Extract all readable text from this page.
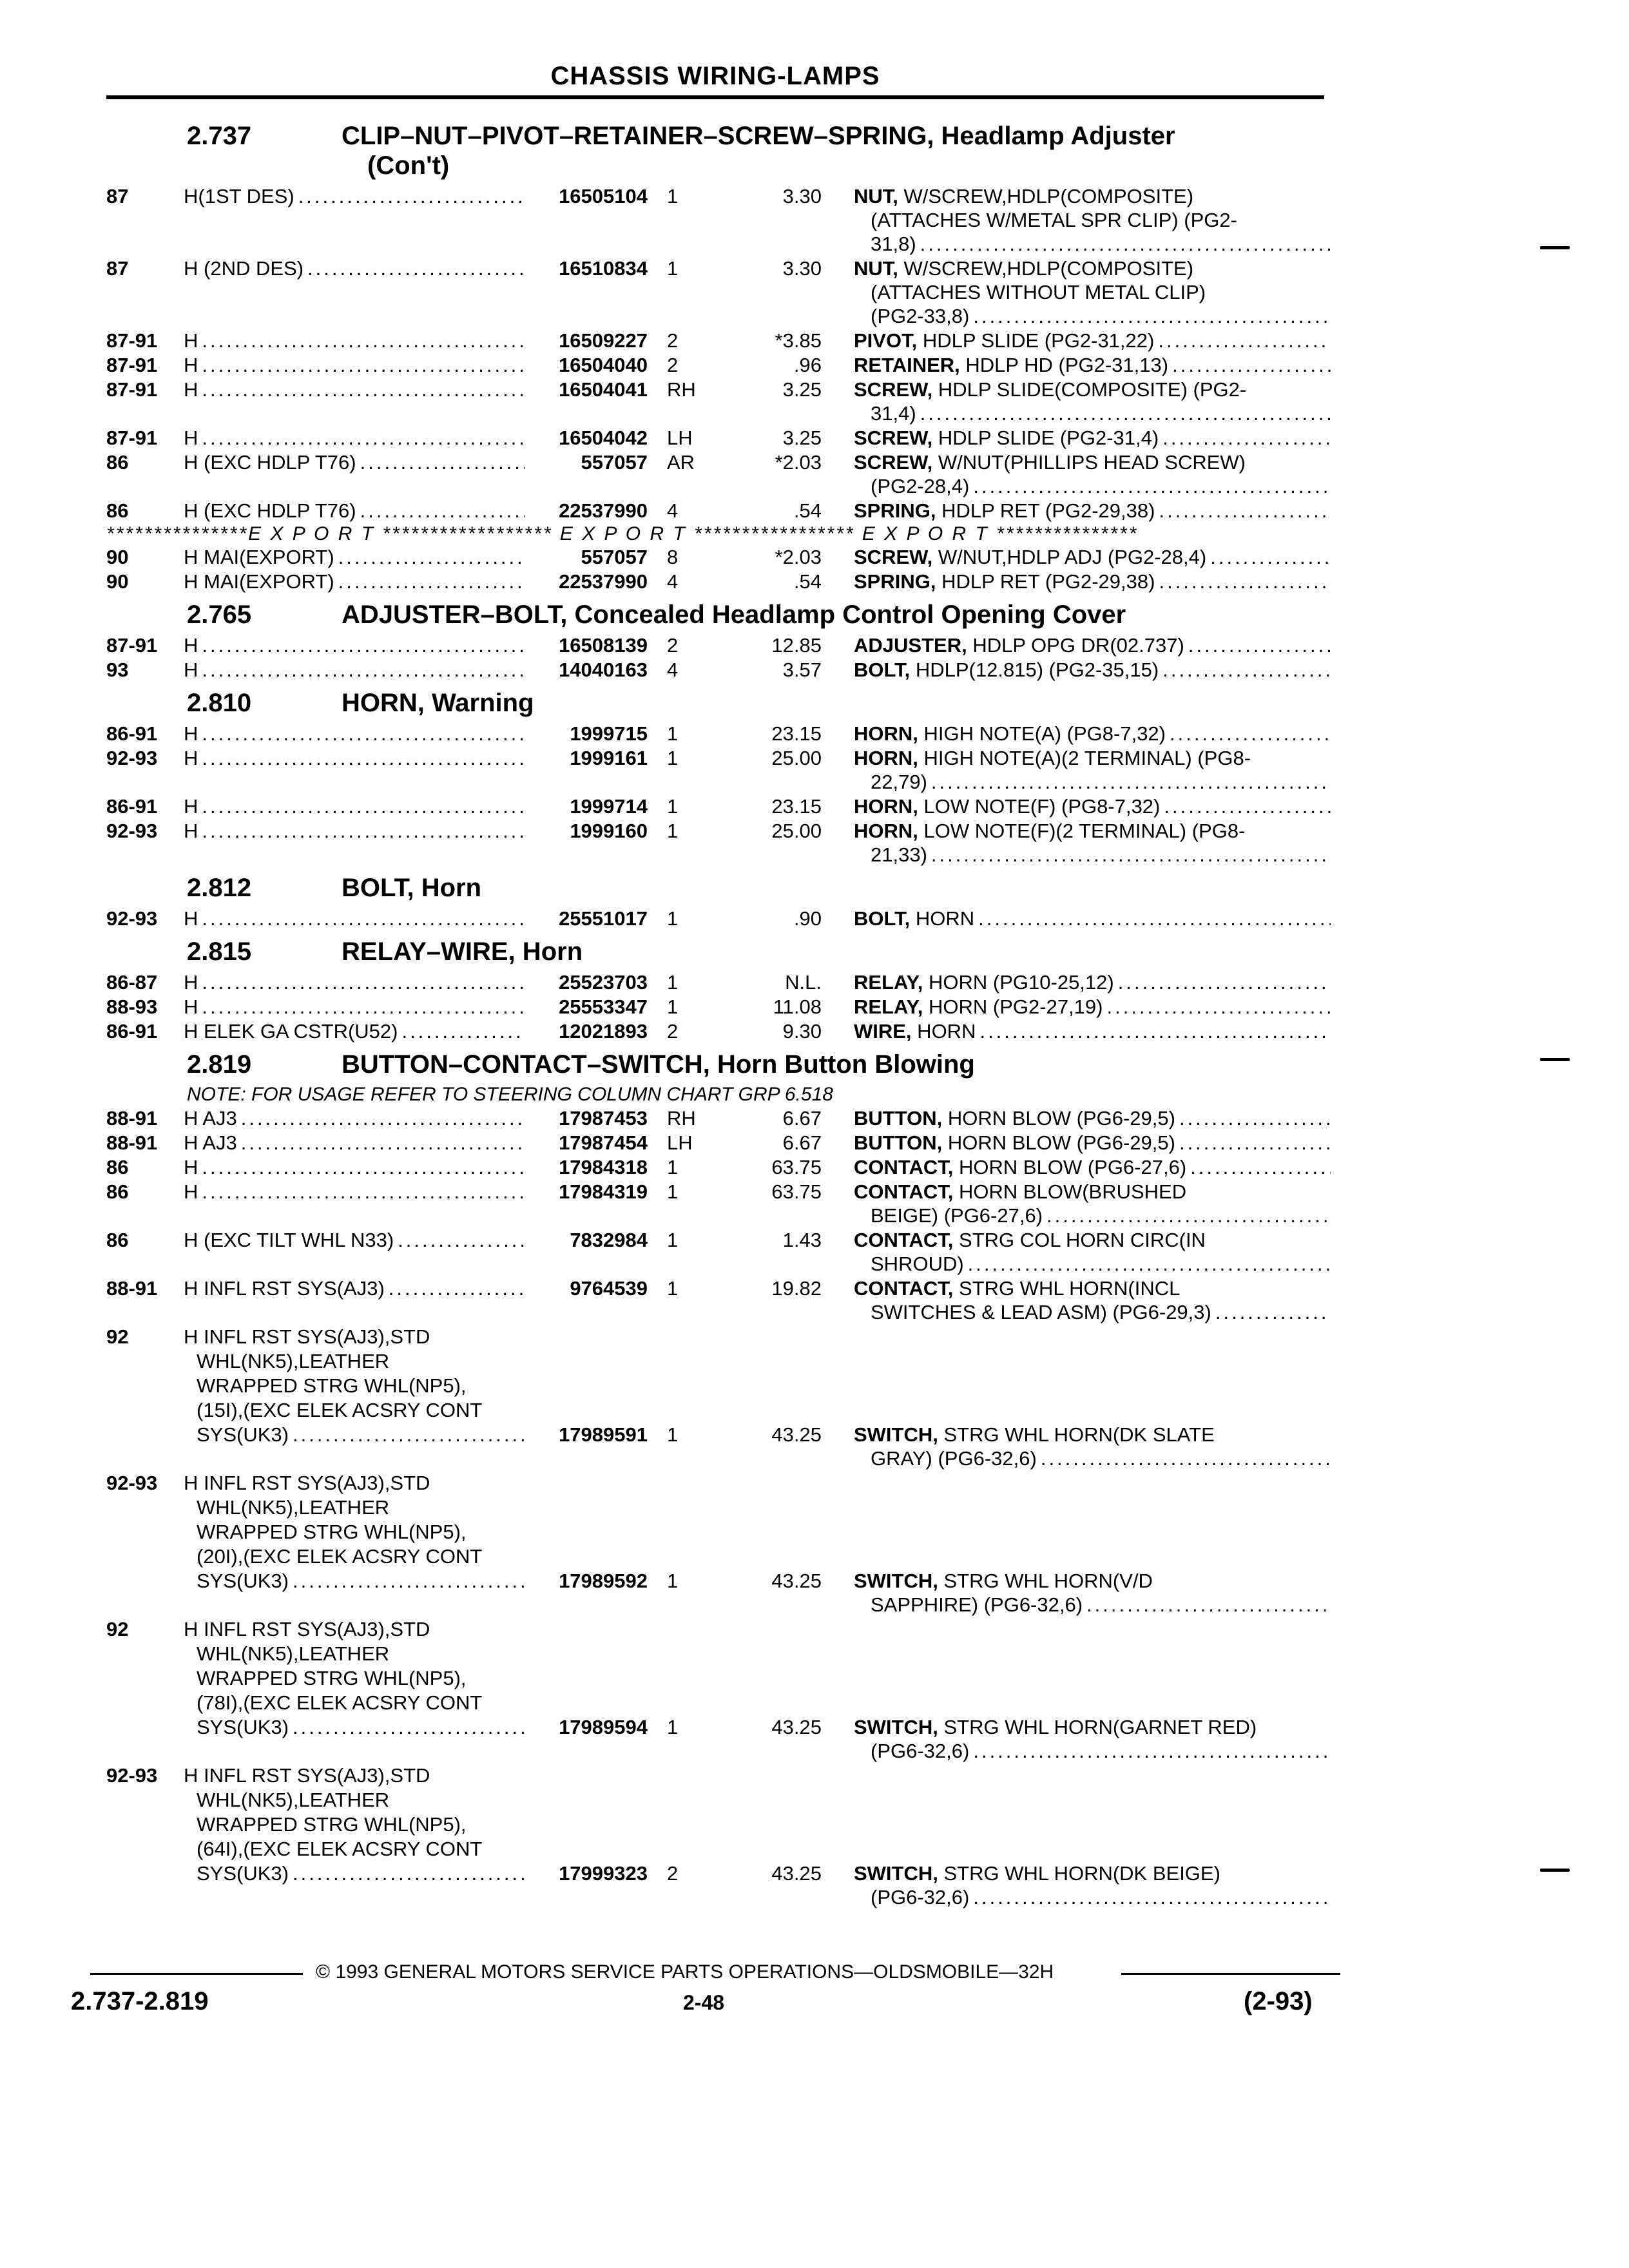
CHASSIS WIRING-LAMPS
2.737	CLIP–NUT–PIVOT–RETAINER–SCREW–SPRING, Headlamp Adjuster
(Con't)
87	H(1ST DES) .....	16505104 1	3.30	NUT, W/SCREW,HDLP(COMPOSITE)
(ATTACHES W/METAL SPR CLIP) (PG2-
31,8)
.....
87	H (2ND DES) .....	16510834 1	3.30	NUT, W/SCREW,HDLP(COMPOSITE)
(ATTACHES WITHOUT METAL CLIP)
(PG2-33,8)
.....
87-91	H .....	16509227 2	*3.85	PIVOT, HDLP SLIDE (PG2-31,22)
.....
87-91	H .....	16504040 2	.96	RETAINER, HDLP HD (PG2-31,13)
.....
87-91	H .....	16504041 RH	3.25	SCREW, HDLP SLIDE(COMPOSITE) (PG2-
31,4)
.....
87-91	H .....	16504042 LH	3.25	SCREW, HDLP SLIDE (PG2-31,4)
.....
86	H (EXC HDLP T76) .....	557057 AR	*2.03	SCREW, W/NUT(PHILLIPS HEAD SCREW)
(PG2-28,4)
.....
86	H (EXC HDLP T76) .....	22537990 4	.54	SPRING, HDLP RET (PG2-29,38)
.....
***************E X P O R T ****************** E X P O R T ***************** E X P O R T ***************
90	H MAI(EXPORT) .....	557057 8	*2.03	SCREW, W/NUT,HDLP ADJ (PG2-28,4)
.....
90	H MAI(EXPORT) .....	22537990 4	.54	SPRING, HDLP RET (PG2-29,38)
.....
2.765	ADJUSTER–BOLT, Concealed Headlamp Control Opening Cover
87-91	H .....	16508139 2	12.85	ADJUSTER, HDLP OPG DR(02.737)
.....
93	H .....	14040163 4	3.57	BOLT, HDLP(12.815) (PG2-35,15)
.....
2.810	HORN, Warning
86-91	H .....	1999715 1	23.15	HORN, HIGH NOTE(A) (PG8-7,32)
.....
92-93	H .....	1999161 1	25.00	HORN, HIGH NOTE(A)(2 TERMINAL) (PG8-
22,79)
.....
86-91	H .....	1999714 1	23.15	HORN, LOW NOTE(F) (PG8-7,32)
.....
92-93	H .....	1999160 1	25.00	HORN, LOW NOTE(F)(2 TERMINAL) (PG8-
21,33)
.....
2.812	BOLT, Horn
92-93	H .....	25551017 1	.90	BOLT, HORN
.....
2.815	RELAY–WIRE, Horn
86-87	H .....	25523703 1	N.L.	RELAY, HORN (PG10-25,12)
.....
88-93	H .....	25553347 1	11.08	RELAY, HORN (PG2-27,19)
.....
86-91	H ELEK GA CSTR(U52) .....	12021893 2	9.30	WIRE, HORN
.....
2.819	BUTTON–CONTACT–SWITCH, Horn Button Blowing
NOTE: FOR USAGE REFER TO STEERING COLUMN CHART GRP 6.518
88-91	H AJ3 .....	17987453 RH	6.67	BUTTON, HORN BLOW (PG6-29,5)
.....
88-91	H AJ3 .....	17987454 LH	6.67	BUTTON, HORN BLOW (PG6-29,5)
.....
86	H .....	17984318 1	63.75	CONTACT, HORN BLOW (PG6-27,6)
.....
86	H .....	17984319 1	63.75	CONTACT, HORN BLOW(BRUSHED
BEIGE) (PG6-27,6)
.....
86	H (EXC TILT WHL N33) .....	7832984 1	1.43	CONTACT, STRG COL HORN CIRC(IN
SHROUD)
.....
88-91	H INFL RST SYS(AJ3) .....	9764539 1	19.82	CONTACT, STRG WHL HORN(INCL
SWITCHES & LEAD ASM) (PG6-29,3)
.....
92	H INFL RST SYS(AJ3),STD
WHL(NK5),LEATHER
WRAPPED STRG WHL(NP5),
(15I),(EXC ELEK ACSRY CONT
SYS(UK3) .....	17989591 1	43.25	SWITCH, STRG WHL HORN(DK SLATE
GRAY) (PG6-32,6)
.....
92-93	H INFL RST SYS(AJ3),STD
WHL(NK5),LEATHER
WRAPPED STRG WHL(NP5),
(20I),(EXC ELEK ACSRY CONT
SYS(UK3) .....	17989592 1	43.25	SWITCH, STRG WHL HORN(V/D
SAPPHIRE) (PG6-32,6)
.....
92	H INFL RST SYS(AJ3),STD
WHL(NK5),LEATHER
WRAPPED STRG WHL(NP5),
(78I),(EXC ELEK ACSRY CONT
SYS(UK3) .....	17989594 1	43.25	SWITCH, STRG WHL HORN(GARNET RED)
(PG6-32,6)
.....
92-93	H INFL RST SYS(AJ3),STD
WHL(NK5),LEATHER
WRAPPED STRG WHL(NP5),
(64I),(EXC ELEK ACSRY CONT
SYS(UK3) .....	17999323 2	43.25	SWITCH, STRG WHL HORN(DK BEIGE)
(PG6-32,6)
.....
© 1993 GENERAL MOTORS SERVICE PARTS OPERATIONS—OLDSMOBILE—32H
2.737-2.819	2-48	(2-93)
